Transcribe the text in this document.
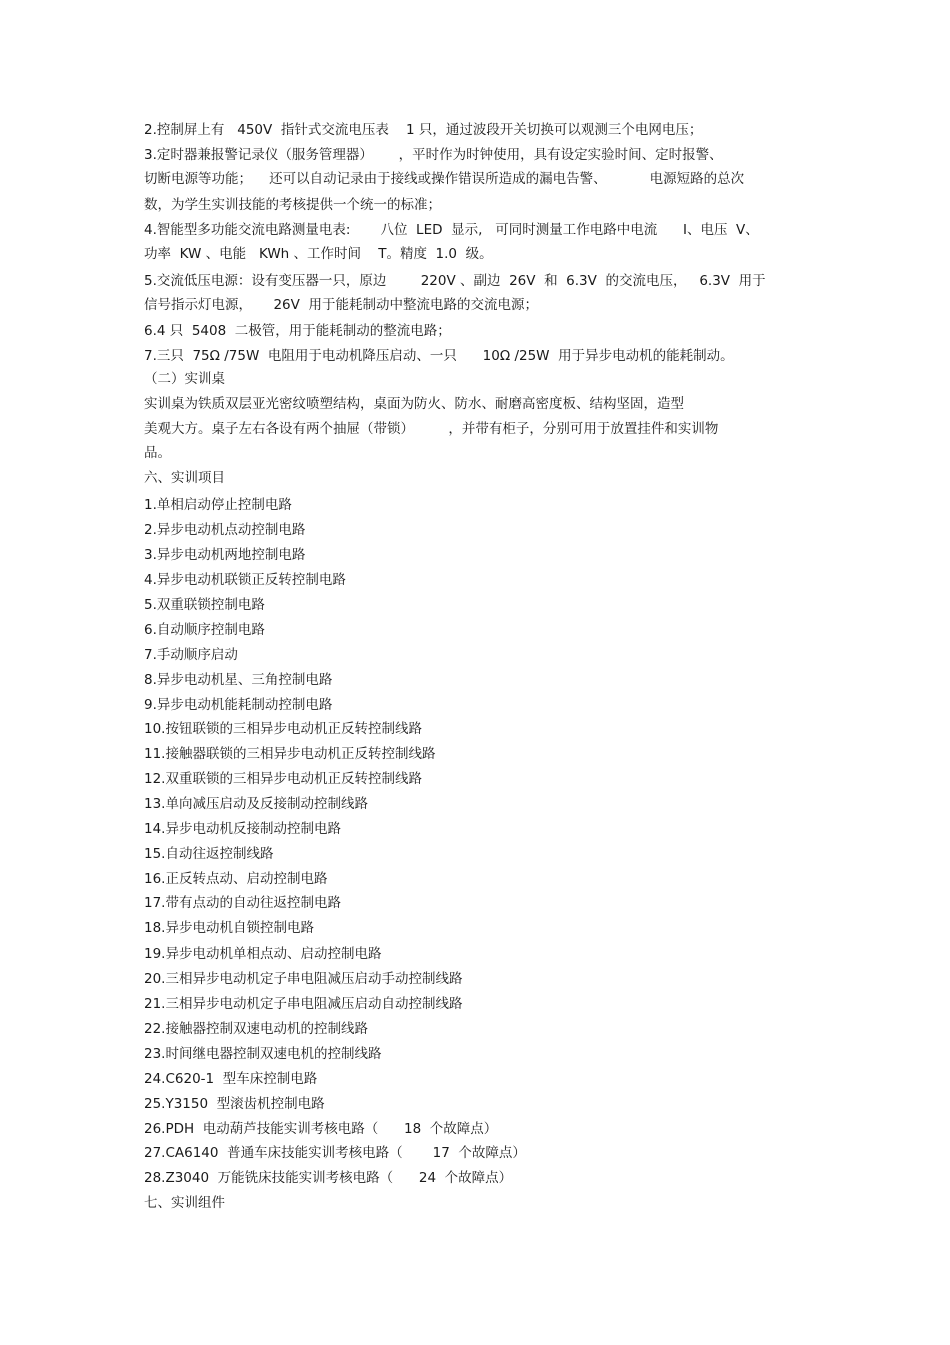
2.控制屏上有   450V  指针式交流电压表    1 只，通过波段开关切换可以观测三个电网电压；
3.定时器兼报警记录仪（服务管理器）      ，平时作为时钟使用，具有设定实验时间、定时报警、
切断电源等功能；    还可以自动记录由于接线或操作错误所造成的漏电告警、          电源短路的总次
数，为学生实训技能的考核提供一个统一的标准；
4.智能型多功能交流电路测量电表:       八位  LED  显示,   可同时测量工作电路中电流      I、电压  V、
功率  KW 、电能   KWh 、工作时间    T。精度  1.0  级。
5.交流低压电源：设有变压器一只，原边        220V 、副边  26V  和  6.3V  的交流电压，   6.3V  用于
信号指示灯电源，     26V  用于能耗制动中整流电路的交流电源；
6.4 只  5408  二极管，用于能耗制动的整流电路；
7.三只  75Ω /75W  电阻用于电动机降压启动、一只      10Ω /25W  用于异步电动机的能耗制动。
（二）实训桌
实训桌为铁质双层亚光密纹喷塑结构，桌面为防火、防水、耐磨高密度板、结构坚固，造型
美观大方。桌子左右各设有两个抽屉（带锁）        ，并带有柜子，分别可用于放置挂件和实训物
品。
六、实训项目
1.单相启动停止控制电路
2.异步电动机点动控制电路
3.异步电动机两地控制电路
4.异步电动机联锁正反转控制电路
5.双重联锁控制电路
6.自动顺序控制电路
7.手动顺序启动
8.异步电动机星、三角控制电路
9.异步电动机能耗制动控制电路
10.按钮联锁的三相异步电动机正反转控制线路
11.接触器联锁的三相异步电动机正反转控制线路
12.双重联锁的三相异步电动机正反转控制线路
13.单向减压启动及反接制动控制线路
14.异步电动机反接制动控制电路
15.自动往返控制线路
16.正反转点动、启动控制电路
17.带有点动的自动往返控制电路
18.异步电动机自锁控制电路
19.异步电动机单相点动、启动控制电路
20.三相异步电动机定子串电阻减压启动手动控制线路
21.三相异步电动机定子串电阻减压启动自动控制线路
22.接触器控制双速电动机的控制线路
23.时间继电器控制双速电机的控制线路
24.C620-1  型车床控制电路
25.Y3150  型滚齿机控制电路
26.PDH  电动葫芦技能实训考核电路（      18  个故障点）
27.CA6140  普通车床技能实训考核电路（       17  个故障点）
28.Z3040  万能铣床技能实训考核电路（      24  个故障点）
七、实训组件
